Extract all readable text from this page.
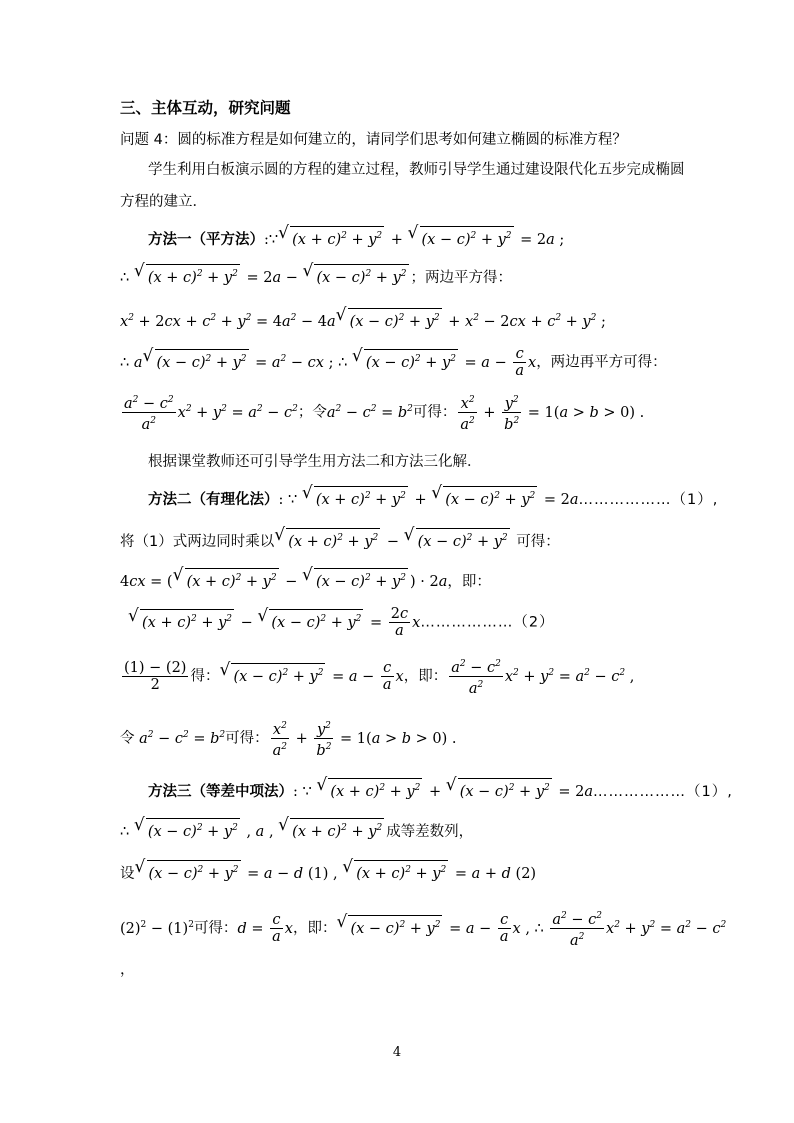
三、主体互动，研究问题
问题 4：圆的标准方程是如何建立的，请同学们思考如何建立椭圆的标准方程？
学生利用白板演示圆的方程的建立过程，教师引导学生通过建设限代化五步完成椭圆
方程的建立．
方法一（平方法）:∵√ $(x + c)^2 + y^2$ + √ $(x - c)^2 + y^2 = 2a$ ;
∴ √ $(x + c)^2 + y^2 = 2a$ − √ $(x - c)^2 + y^2$ ；两边平方得：
$x^2 + 2cx + c^2 + y^2 = 4a^2 - 4a√$ $(x - c)^2 + y^2 + x^2 - 2cx + c^2 + y^2$ ;
∴ a√ $(x - c)^2 + y^2 = a^2$ − cx ; ∴ √ $(x - c)^2 + y^2 = a - \frac{c}{a}$ x，两边再平方可得：
$\frac{a^2 - c^2}{a^2} x^2 + y^2 = a^2 - c^2$；令$a^2 - c^2 = b^2$可得： $\frac{x^2}{a^2} + \frac{y^2}{b^2} = 1(a > b > 0)$ .
根据课堂教师还可引导学生用方法二和方法三化解．
方法二（有理化法）: ∵ √ $(x + c)^2 + y^2$ + √ $(x - c)^2 + y^2$ = 2a………………（1）,
将（1）式两边同时乘以√ $(x + c)^2 + y^2$ − √ $(x - c)^2 + y^2$ 可得：
4cx = (√ $(x + c)^2 + y^2$ − √ $(x - c)^2 + y^2$ ) · 2a，即：
√ $(x + c)^2 + y^2$ − √ $(x - c)^2 + y^2 = \frac{2c}{a}$ x………………（2）
$\frac{(1) - (2)}{2}$ 得：√ $(x - c)^2 + y^2 = a - \frac{c}{a}$ x，即： $\frac{a^2 - c^2}{a^2} x^2 + y^2 = a^2 - c^2$ ,
令 $a^2 - c^2 = b^2$可得： $\frac{x^2}{a^2} + \frac{y^2}{b^2} = 1(a > b > 0)$ .
方法三（等差中项法）: ∵ √ $(x + c)^2 + y^2$ + √ $(x - c)^2 + y^2$ = 2a………………（1）,
∴ √ $(x - c)^2 + y^2$ , a , √ $(x + c)^2 + y^2$ 成等差数列，
设√ $(x - c)^2 + y^2 = a - d$ (1) , √ $(x + c)^2 + y^2 = a + d$ (2)
$(2)^2 - (1)^2$可得：$d = \frac{c}{a}$ x，即：√ $(x - c)^2 + y^2 = a - \frac{c}{a}$ x , ∴ $\frac{a^2 - c^2}{a^2} x^2 + y^2 = a^2 - c^2$
，
4
